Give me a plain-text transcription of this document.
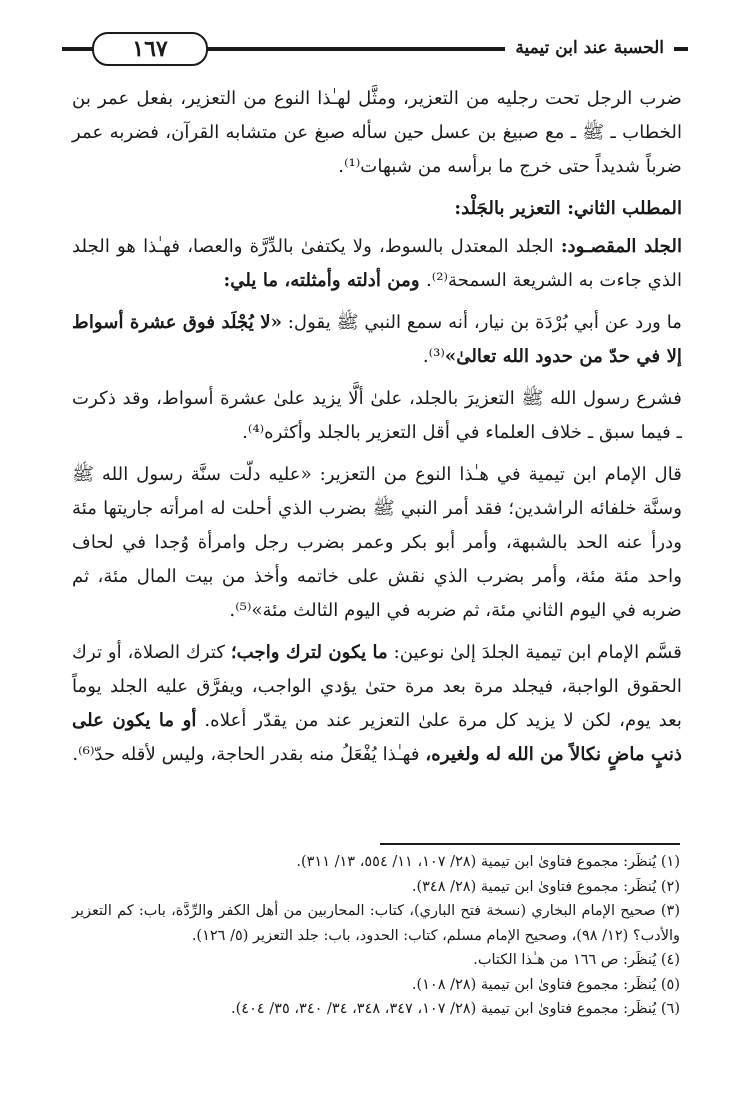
١٦٧	الحسبة عند ابن تيمية

ضرب الرجل تحت رجليه من التعزير، ومثَّل لهـٰذا النوع من التعزير، بفعل عمر بن الخطاب ـ ﷺ ـ مع صبيغ بن عسل حين سأله صبغ عن متشابه القرآن، فضربه عمر ضرباً شديداً حتى خرج ما برأسه من شبهات⁽¹⁾.

المطلب الثاني: التعزير بالجَلْد:

الجلد المقصـود: الجلد المعتدل بالسوط، ولا يكتفىٰ بالدِّرَّة والعصا، فهـٰذا هو الجلد الذي جاءت به الشريعة السمحة⁽²⁾. ومن أدلته وأمثلته، ما يلي:

ما ورد عن أبي بُرْدَة بن نيار، أنه سمع النبي ﷺ يقول: «لا يُجْلَد فوق عشرة أسواط إلا في حدّ من حدود الله تعالىٰ»⁽³⁾.

فشرع رسول الله ﷺ التعزيرَ بالجلد، علىٰ ألَّا يزيد علىٰ عشرة أسواط، وقد ذكرت ـ فيما سبق ـ خلاف العلماء في أقل التعزير بالجلد وأكثره⁽⁴⁾.

قال الإمام ابن تيمية في هـٰذا النوع من التعزير: «عليه دلّت سنَّة رسول الله ﷺ وسنَّة خلفائه الراشدين؛ فقد أمر النبي ﷺ بضرب الذي أحلت له امرأته جاريتها مئة ودرأ عنه الحد بالشبهة، وأمر أبو بكر وعمر بضرب رجل وامرأة وُجدا في لحاف واحد مئة مئة، وأمر بضرب الذي نقش على خاتمه وأخذ من بيت المال مئة، ثم ضربه في اليوم الثاني مئة، ثم ضربه في اليوم الثالث مئة»⁽⁵⁾.

قسَّم الإمام ابن تيمية الجلدَ إلىٰ نوعين: ما يكون لترك واجب؛ كترك الصلاة، أو ترك الحقوق الواجبة، فيجلد مرة بعد مرة حتىٰ يؤدي الواجب، ويفرَّق عليه الجلد يوماً بعد يوم، لكن لا يزيد كل مرة علىٰ التعزير عند من يقدّر أعلاه. أو ما يكون على ذنبٍ ماضٍ نكالاً من الله له ولغيره، فهـٰذا يُفْعَلُ منه بقدر الحاجة، وليس لأقله حدّ⁽⁶⁾.

(١) يُنظَر: مجموع فتاوىٰ ابن تيمية (٢٨/ ١٠٧، ١١/ ٥٥٤، ١٣/ ٣١١).

(٢) يُنظَر: مجموع فتاوىٰ ابن تيمية (٢٨/ ٣٤٨).

(٣) صحيح الإمام البخاري (نسخة فتح الباري)، كتاب: المحاربين من أهل الكفر والرِّدَّة، باب: كم التعزير والأدب؟ (١٢/ ٩٨)، وصحيح الإمام مسلم، كتاب: الحدود، باب: جلد التعزير (٥/ ١٢٦).

(٤) يُنظَر: ص ١٦٦ من هـٰذا الكتاب.

(٥) يُنظَر: مجموع فتاوىٰ ابن تيمية (٢٨/ ١٠٨).

(٦) يُنظَر: مجموع فتاوىٰ ابن تيمية (٢٨/ ١٠٧، ٣٤٧، ٣٤٨، ٣٤/ ٣٤٠، ٣٥/ ٤٠٤).
